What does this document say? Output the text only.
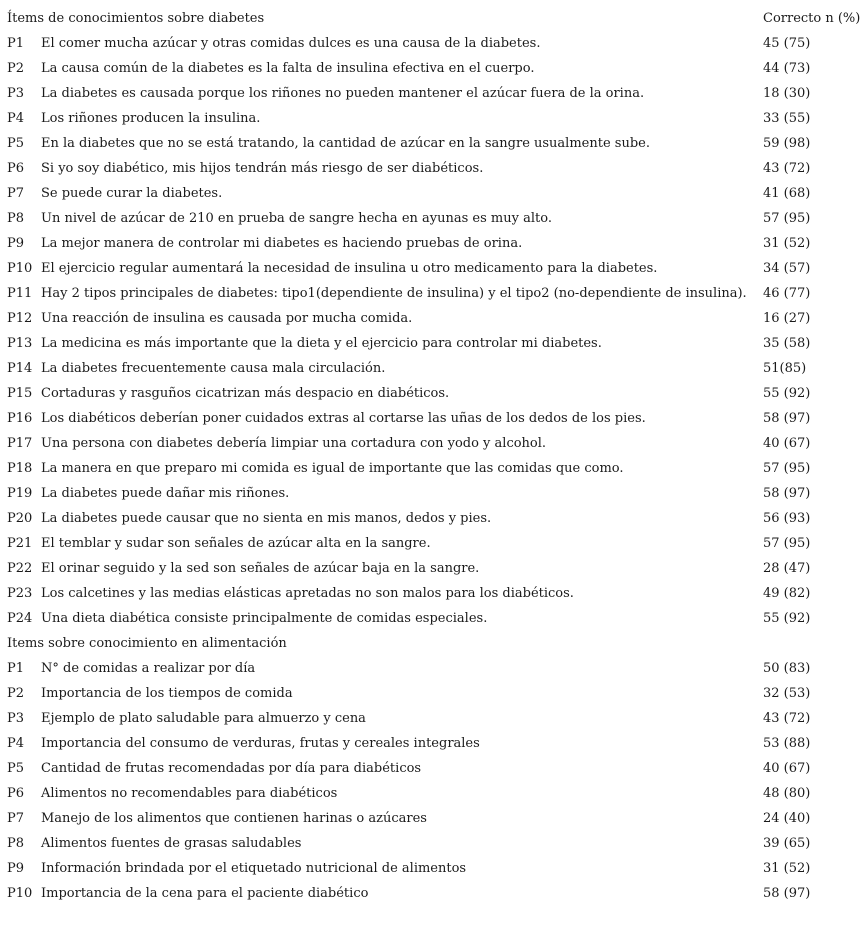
Ítems de conocimientos sobre diabetes	Correcto n (%)
P1 El comer mucha azúcar y otras comidas dulces es una causa de la diabetes.	45 (75)
P2 La causa común de la diabetes es la falta de insulina efectiva en el cuerpo.	44 (73)
P3 La diabetes es causada porque los riñones no pueden mantener el azúcar fuera de la orina.	18 (30)
P4 Los riñones producen la insulina.	33 (55)
P5 En la diabetes que no se está tratando, la cantidad de azúcar en la sangre usualmente sube.	59 (98)
P6 Si yo soy diabético, mis hijos tendrán más riesgo de ser diabéticos.	43 (72)
P7 Se puede curar la diabetes.	41 (68)
P8 Un nivel de azúcar de 210 en prueba de sangre hecha en ayunas es muy alto.	57 (95)
P9 La mejor manera de controlar mi diabetes es haciendo pruebas de orina.	31 (52)
P10 El ejercicio regular aumentará la necesidad de insulina u otro medicamento para la diabetes.	34 (57)
P11 Hay 2 tipos principales de diabetes: tipo1(dependiente de insulina) y el tipo2 (no-dependiente de insulina). 46 (77)
P12 Una reacción de insulina es causada por mucha comida.	16 (27)
P13 La medicina es más importante que la dieta y el ejercicio para controlar mi diabetes.	35 (58)
P14 La diabetes frecuentemente causa mala circulación.	51(85)
P15 Cortaduras y rasguños cicatrizan más despacio en diabéticos.	55 (92)
P16 Los diabéticos deberían poner cuidados extras al cortarse las uñas de los dedos de los pies.	58 (97)
P17 Una persona con diabetes debería limpiar una cortadura con yodo y alcohol.	40 (67)
P18 La manera en que preparo mi comida es igual de importante que las comidas que como.	57 (95)
P19 La diabetes puede dañar mis riñones.	58 (97)
P20 La diabetes puede causar que no sienta en mis manos, dedos y pies.	56 (93)
P21 El temblar y sudar son señales de azúcar alta en la sangre.	57 (95)
P22 El orinar seguido y la sed son señales de azúcar baja en la sangre.	28 (47)
P23 Los calcetines y las medias elásticas apretadas no son malos para los diabéticos.	49 (82)
P24 Una dieta diabética consiste principalmente de comidas especiales.	55 (92)
Items sobre conocimiento en alimentación
P1 N° de comidas a realizar por día	50 (83)
P2 Importancia de los tiempos de comida	32 (53)
P3 Ejemplo de plato saludable para almuerzo y cena	43 (72)
P4 Importancia del consumo de verduras, frutas y cereales integrales	53 (88)
P5 Cantidad de frutas recomendadas por día para diabéticos	40 (67)
P6 Alimentos no recomendables para diabéticos	48 (80)
P7 Manejo de los alimentos que contienen harinas o azúcares	24 (40)
P8 Alimentos fuentes de grasas saludables	39 (65)
P9 Información brindada por el etiquetado nutricional de alimentos	31 (52)
P10 Importancia de la cena para el paciente diabético	58 (97)
